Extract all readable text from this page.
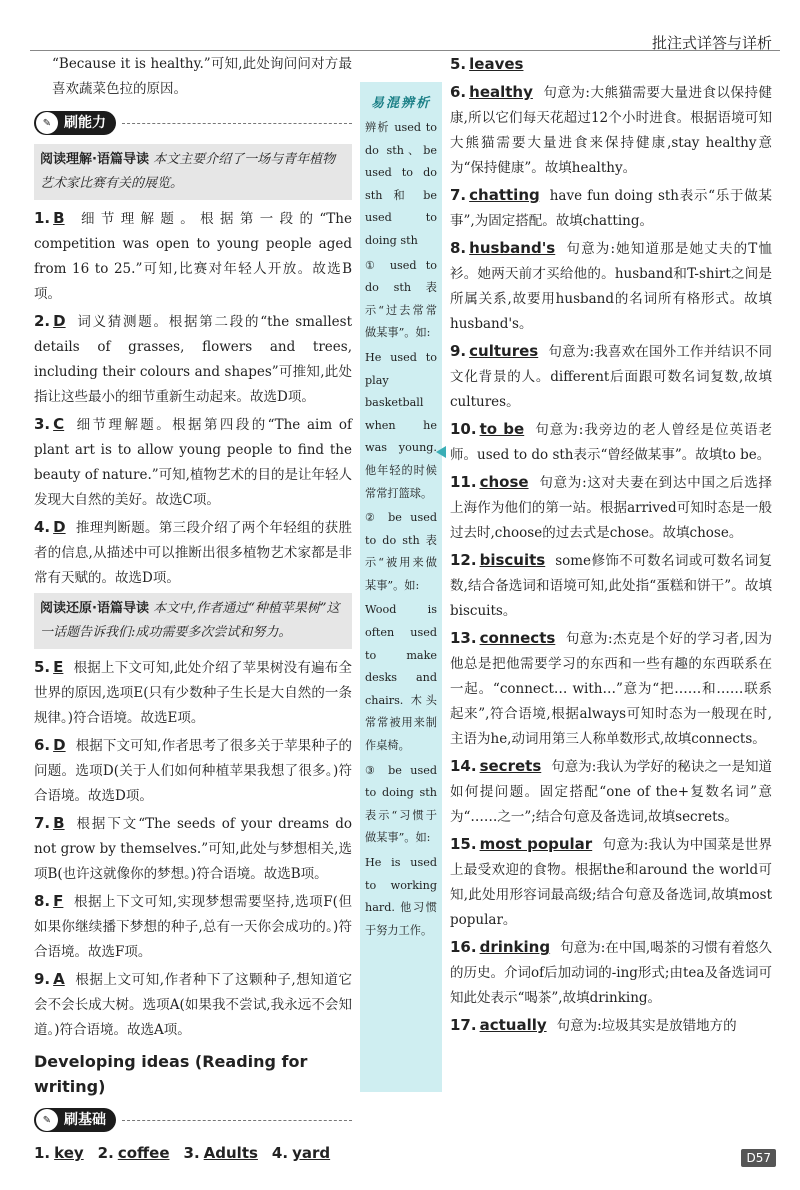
批注式详答与详析

“Because it is healthy.”可知,此处询问问对方最喜欢蔬菜色拉的原因。

✎ 刷能力
阅读理解·语篇导读 本文主要介绍了一场与青年植物艺术家比赛有关的展览。

1. B 细节理解题。根据第一段的“The competition was open to young people aged from 16 to 25.”可知,比赛对年轻人开放。故选B项。

2. D 词义猜测题。根据第二段的“the smallest details of grasses, flowers and trees, including their colours and shapes”可推知,此处指让这些最小的细节重新生动起来。故选D项。

3. C 细节理解题。根据第四段的“The aim of plant art is to allow young people to find the beauty of nature.”可知,植物艺术的目的是让年轻人发现大自然的美好。故选C项。

4. D 推理判断题。第三段介绍了两个年轻组的获胜者的信息,从描述中可以推断出很多植物艺术家都是非常有天赋的。故选D项。

阅读还原·语篇导读 本文中,作者通过“种植苹果树”这一话题告诉我们:成功需要多次尝试和努力。

5. E 根据上下文可知,此处介绍了苹果树没有遍布全世界的原因,选项E(只有少数种子生长是大自然的一条规律。)符合语境。故选E项。

6. D 根据下文可知,作者思考了很多关于苹果种子的问题。选项D(关于人们如何种植苹果我想了很多。)符合语境。故选D项。

7. B 根据下文“The seeds of your dreams do not grow by themselves.”可知,此处与梦想相关,选项B(也许这就像你的梦想。)符合语境。故选B项。

8. F 根据上下文可知,实现梦想需要坚持,选项F(但如果你继续播下梦想的种子,总有一天你会成功的。)符合语境。故选F项。

9. A 根据上文可知,作者种下了这颗种子,想知道它会不会长成大树。选项A(如果我不尝试,我永远不会知道。)符合语境。故选A项。

Developing ideas (Reading for writing)
✎ 刷基础
1. key 2. coffee 3. Adults 4. yard
易混辨析

辨析 used to do sth、be used to do sth 和 be used to doing sth

① used to do sth 表示“过去常常做某事”。如:

He used to play basketball when he was young. 他年轻的时候常常打篮球。

② be used to do sth 表示“被用来做某事”。如:

Wood is often used to make desks and chairs. 木头常常被用来制作桌椅。

③ be used to doing sth 表示“习惯于做某事”。如:

He is used to working hard. 他习惯于努力工作。

5. leaves

6. healthy 句意为:大熊猫需要大量进食以保持健康,所以它们每天花超过12个小时进食。根据语境可知大熊猫需要大量进食来保持健康,stay healthy意为“保持健康”。故填healthy。

7. chatting have fun doing sth表示“乐于做某事”,为固定搭配。故填chatting。

8. husband's 句意为:她知道那是她丈夫的T恤衫。她两天前才买给他的。husband和T-shirt之间是所属关系,故要用husband的名词所有格形式。故填husband's。

9. cultures 句意为:我喜欢在国外工作并结识不同文化背景的人。different后面跟可数名词复数,故填cultures。

10. to be 句意为:我旁边的老人曾经是位英语老师。used to do sth表示“曾经做某事”。故填to be。

11. chose 句意为:这对夫妻在到达中国之后选择上海作为他们的第一站。根据arrived可知时态是一般过去时,choose的过去式是chose。故填chose。

12. biscuits some修饰不可数名词或可数名词复数,结合备选词和语境可知,此处指“蛋糕和饼干”。故填biscuits。

13. connects 句意为:杰克是个好的学习者,因为他总是把他需要学习的东西和一些有趣的东西联系在一起。“connect… with…”意为“把……和……联系起来”,符合语境,根据always可知时态为一般现在时,主语为he,动词用第三人称单数形式,故填connects。

14. secrets 句意为:我认为学好的秘诀之一是知道如何提问题。固定搭配“one of the+复数名词”意为“……之一”;结合句意及备选词,故填secrets。

15. most popular 句意为:我认为中国菜是世界上最受欢迎的食物。根据the和around the world可知,此处用形容词最高级;结合句意及备选词,故填most popular。

16. drinking 句意为:在中国,喝茶的习惯有着悠久的历史。介词of后加动词的-ing形式;由tea及备选词可知此处表示“喝茶”,故填drinking。

17. actually 句意为:垃圾其实是放错地方的

D57
